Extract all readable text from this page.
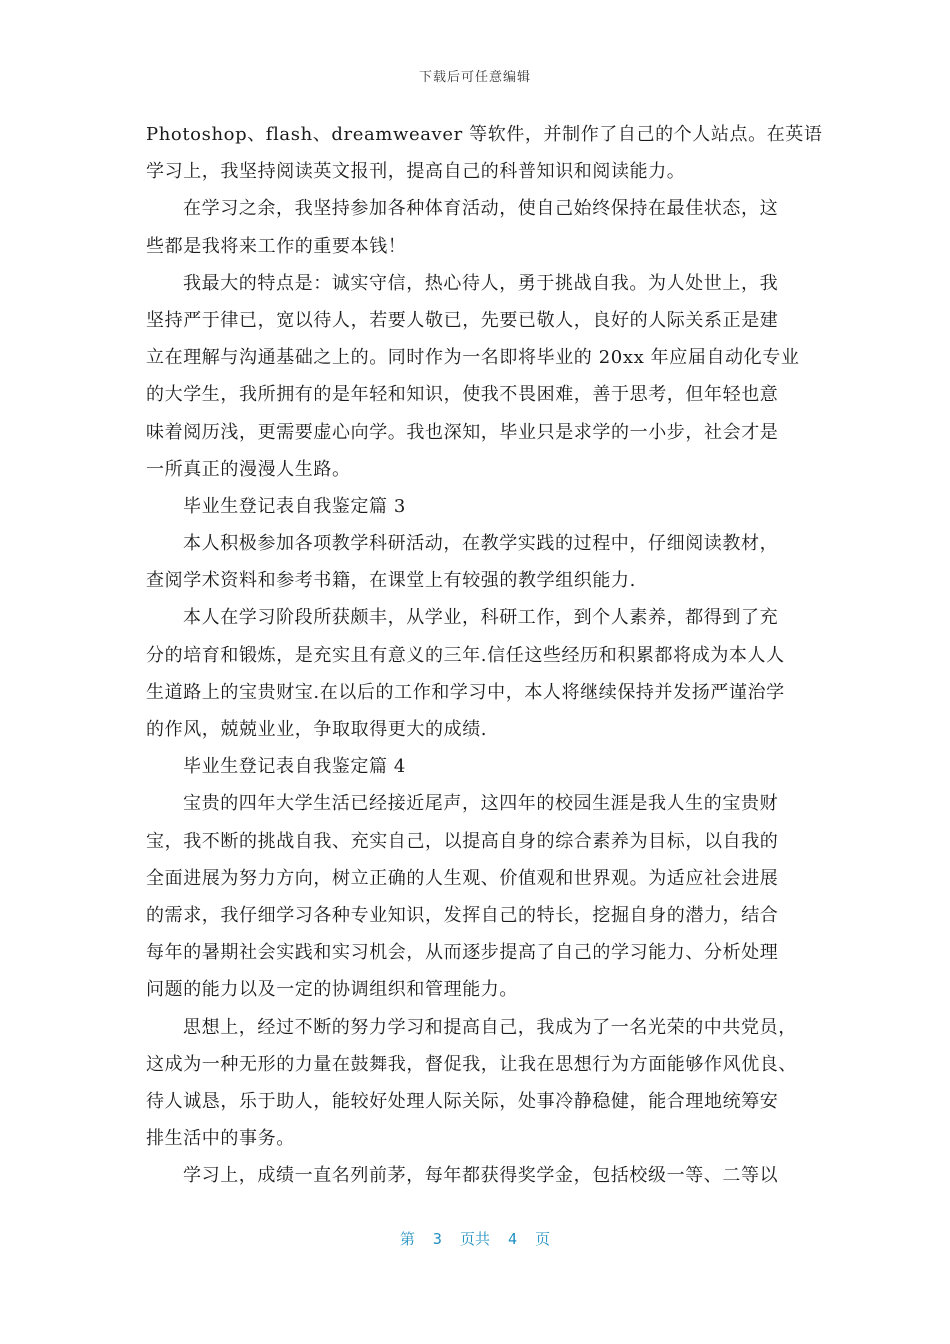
下载后可任意编辑
Photoshop、flash、dreamweaver 等软件，并制作了自己的个人站点。在英语
学习上，我坚持阅读英文报刊，提高自己的科普知识和阅读能力。
在学习之余，我坚持参加各种体育活动，使自己始终保持在最佳状态，这
些都是我将来工作的重要本钱！
我最大的特点是：诚实守信，热心待人，勇于挑战自我。为人处世上，我
坚持严于律已，宽以待人，若要人敬已，先要已敬人，良好的人际关系正是建
立在理解与沟通基础之上的。同时作为一名即将毕业的 20xx 年应届自动化专业
的大学生，我所拥有的是年轻和知识，使我不畏困难，善于思考，但年轻也意
味着阅历浅，更需要虚心向学。我也深知，毕业只是求学的一小步，社会才是
一所真正的漫漫人生路。
毕业生登记表自我鉴定篇 3
本人积极参加各项教学科研活动，在教学实践的过程中，仔细阅读教材，
查阅学术资料和参考书籍，在课堂上有较强的教学组织能力.
本人在学习阶段所获颇丰，从学业，科研工作，到个人素养，都得到了充
分的培育和锻炼，是充实且有意义的三年.信任这些经历和积累都将成为本人人
生道路上的宝贵财宝.在以后的工作和学习中，本人将继续保持并发扬严谨治学
的作风，兢兢业业，争取取得更大的成绩.
毕业生登记表自我鉴定篇 4
宝贵的四年大学生活已经接近尾声，这四年的校园生涯是我人生的宝贵财
宝，我不断的挑战自我、充实自己，以提高自身的综合素养为目标，以自我的
全面进展为努力方向，树立正确的人生观、价值观和世界观。为适应社会进展
的需求，我仔细学习各种专业知识，发挥自己的特长，挖掘自身的潜力，结合
每年的暑期社会实践和实习机会，从而逐步提高了自己的学习能力、分析处理
问题的能力以及一定的协调组织和管理能力。
思想上，经过不断的努力学习和提高自己，我成为了一名光荣的中共党员，
这成为一种无形的力量在鼓舞我，督促我，让我在思想行为方面能够作风优良、
待人诚恳，乐于助人，能较好处理人际关际，处事冷静稳健，能合理地统筹安
排生活中的事务。
学习上，成绩一直名列前茅，每年都获得奖学金，包括校级一等、二等以
第  3  页共  4  页
